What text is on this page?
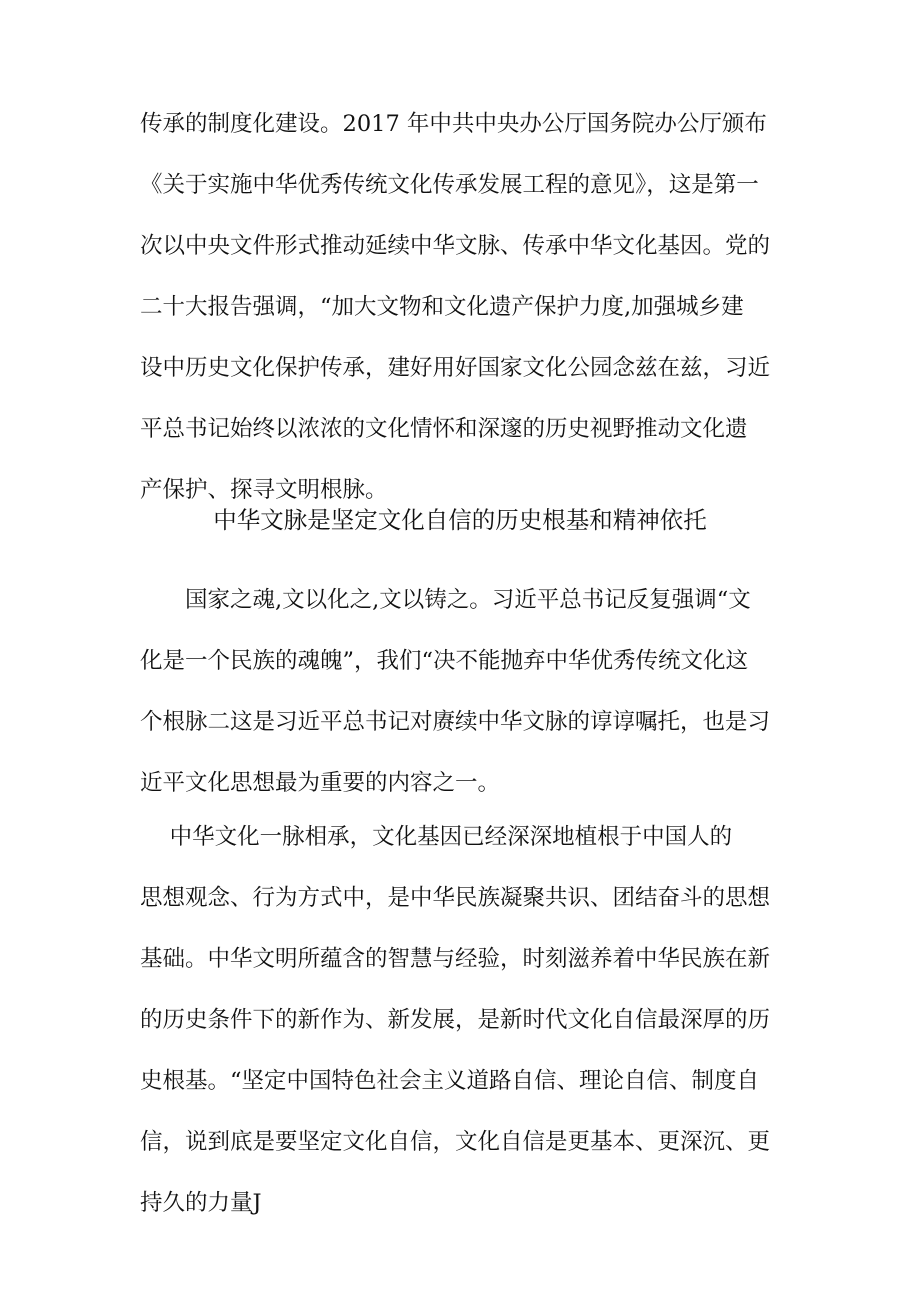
传承的制度化建设。2017 年中共中央办公厅国务院办公厅颁布
《关于实施中华优秀传统文化传承发展工程的意见》，这是第一
次以中央文件形式推动延续中华文脉、传承中华文化基因。党的
二十大报告强调，“加大文物和文化遗产保护力度,加强城乡建
设中历史文化保护传承，建好用好国家文化公园念兹在兹，习近
平总书记始终以浓浓的文化情怀和深邃的历史视野推动文化遗
产保护、探寻文明根脉。
中华文脉是坚定文化自信的历史根基和精神依托
　　国家之魂,文以化之,文以铸之。习近平总书记反复强调“文
化是一个民族的魂魄”，我们“决不能抛弃中华优秀传统文化这
个根脉二这是习近平总书记对赓续中华文脉的谆谆嘱托，也是习
近平文化思想最为重要的内容之一。
　 中华文化一脉相承，文化基因已经深深地植根于中国人的
思想观念、行为方式中，是中华民族凝聚共识、团结奋斗的思想
基础。中华文明所蕴含的智慧与经验，时刻滋养着中华民族在新
的历史条件下的新作为、新发展，是新时代文化自信最深厚的历
史根基。“坚定中国特色社会主义道路自信、理论自信、制度自
信，说到底是要坚定文化自信，文化自信是更基本、更深沉、更
持久的力量J
